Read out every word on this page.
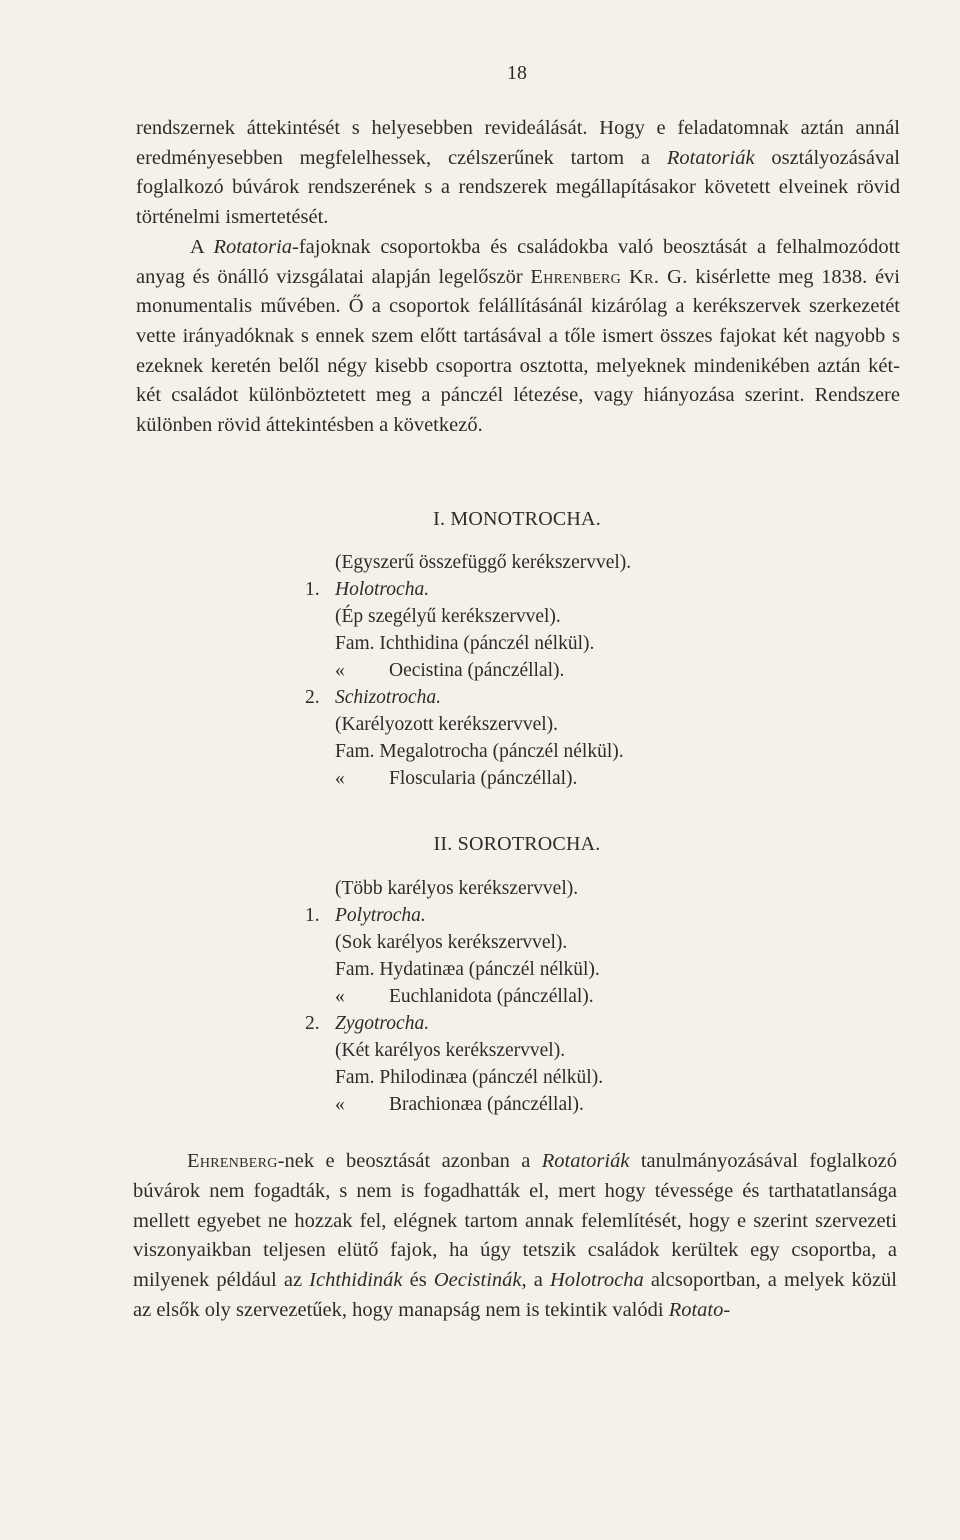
18

rendszernek áttekintését s helyesebben revideálását. Hogy e feladatomnak aztán annál eredményesebben megfelelhessek, czélszerűnek tartom a Rotatoriák osztályozásával foglalkozó búvárok rendszerének s a rendszerek megállapításakor követett elveinek rövid történelmi ismertetését.
A Rotatoria-fajoknak csoportokba és családokba való beosztását a felhalmozódott anyag és önálló vizsgálatai alapján legelőször Ehrenberg Kr. G. kisérlette meg 1838. évi monumentalis művében. Ő a csoportok felállításánál kizárólag a kerékszervek szerkezetét vette irányadóknak s ennek szem előtt tartásával a tőle ismert összes fajokat két nagyobb s ezeknek keretén belől négy kisebb csoportra osztotta, melyeknek mindenikében aztán két-két családot különböztetett meg a pánczél létezése, vagy hiányozása szerint. Rendszere különben rövid áttekintésben a következő.

I. MONOTROCHA.
(Egyszerű összefüggő kerékszervvel).
1. Holotrocha.
(Ép szegélyű kerékszervvel).
Fam. Ichthidina (pánczél nélkül).
« Oecistina (pánczéllal).
2. Schizotrocha.
(Karélyozott kerékszervvel).
Fam. Megalotrocha (pánczél nélkül).
« Floscularia (pánczéllal).
II. SOROTROCHA.
(Több karélyos kerékszervvel).
1. Polytrocha.
(Sok karélyos kerékszervvel).
Fam. Hydatinæa (pánczél nélkül).
« Euchlanidota (pánczéllal).
2. Zygotrocha.
(Két karélyos kerékszervvel).
Fam. Philodinæa (pánczél nélkül).
« Brachionæa (pánczéllal).

Ehrenberg-nek e beosztását azonban a Rotatoriák tanulmányozásával foglalkozó búvárok nem fogadták, s nem is fogadhatták el, mert hogy tévessége és tarthatatlansága mellett egyebet ne hozzak fel, elégnek tartom annak felemlítését, hogy e szerint szervezeti viszonyaikban teljesen elütő fajok, ha úgy tetszik családok kerültek egy csoportba, a milyenek például az Ichthidinák és Oecistinák, a Holotrocha alcsoportban, a melyek közül az elsők oly szervezetűek, hogy manapság nem is tekintik valódi Rotato-
